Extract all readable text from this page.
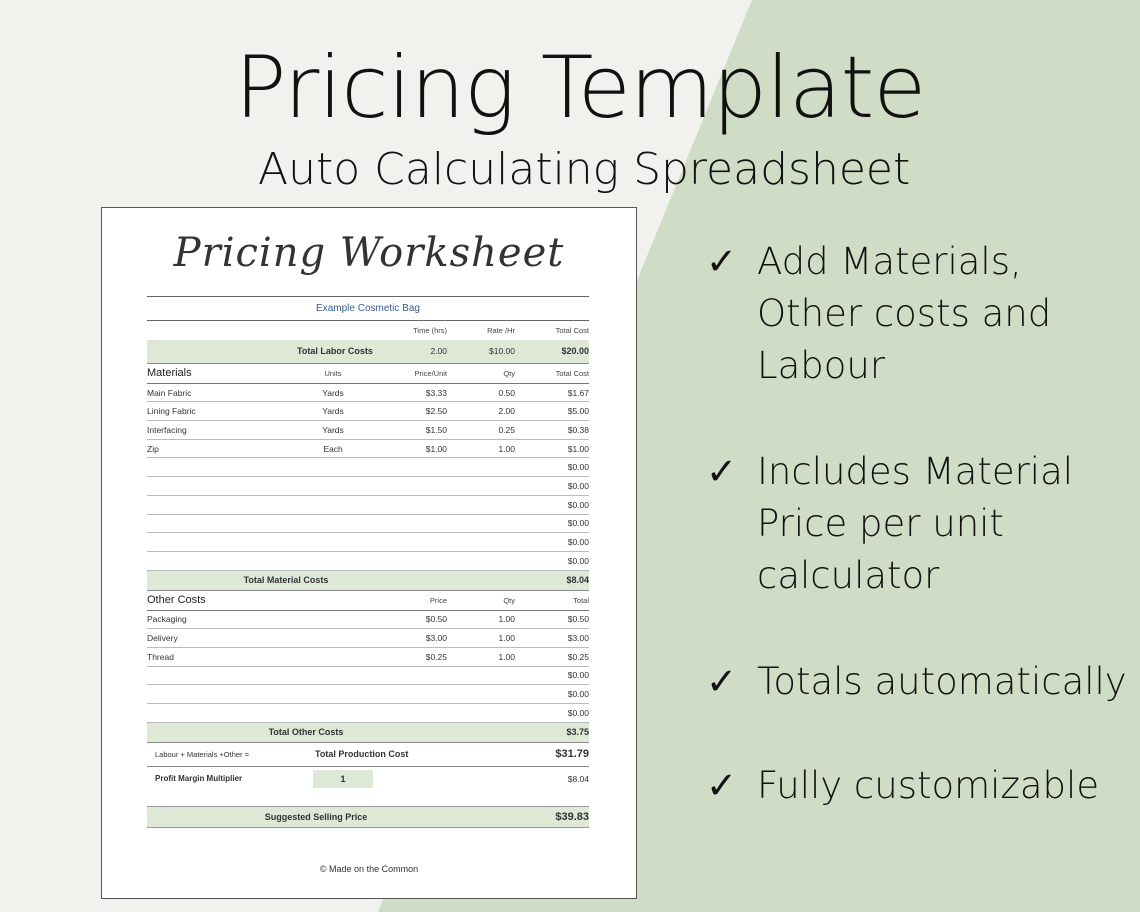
Pricing Template
Auto Calculating Spreadsheet
Pricing Worksheet
Example Cosmetic Bag
Time (hrs)	Rate /Hr	Total Cost
Total Labor Costs	2.00	$10.00	$20.00
Materials	Units	Price/Unit	Qty	Total Cost
Main Fabric	Yards	$3.33	0.50	$1.67
Lining Fabric	Yards	$2.50	2.00	$5.00
Interfacing	Yards	$1.50	0.25	$0.38
Zip	Each	$1.00	1.00	$1.00
$0.00
$0.00
$0.00
$0.00
$0.00
$0.00
Total Material Costs	$8.04
Other Costs	Price	Qty	Total
Packaging	$0.50	1.00	$0.50
Delivery	$3.00	1.00	$3.00
Thread	$0.25	1.00	$0.25
$0.00
$0.00
$0.00
Total Other Costs	$3.75
Labour + Materials +Other =	Total Production Cost	$31.79
Profit Margin Multiplier	1	$8.04
Suggested Selling Price	$39.83
© Made on the Common
✓ Add Materials,
Other costs and
Labour
✓ Includes Material
Price per unit
calculator
✓ Totals automatically
✓ Fully customizable
